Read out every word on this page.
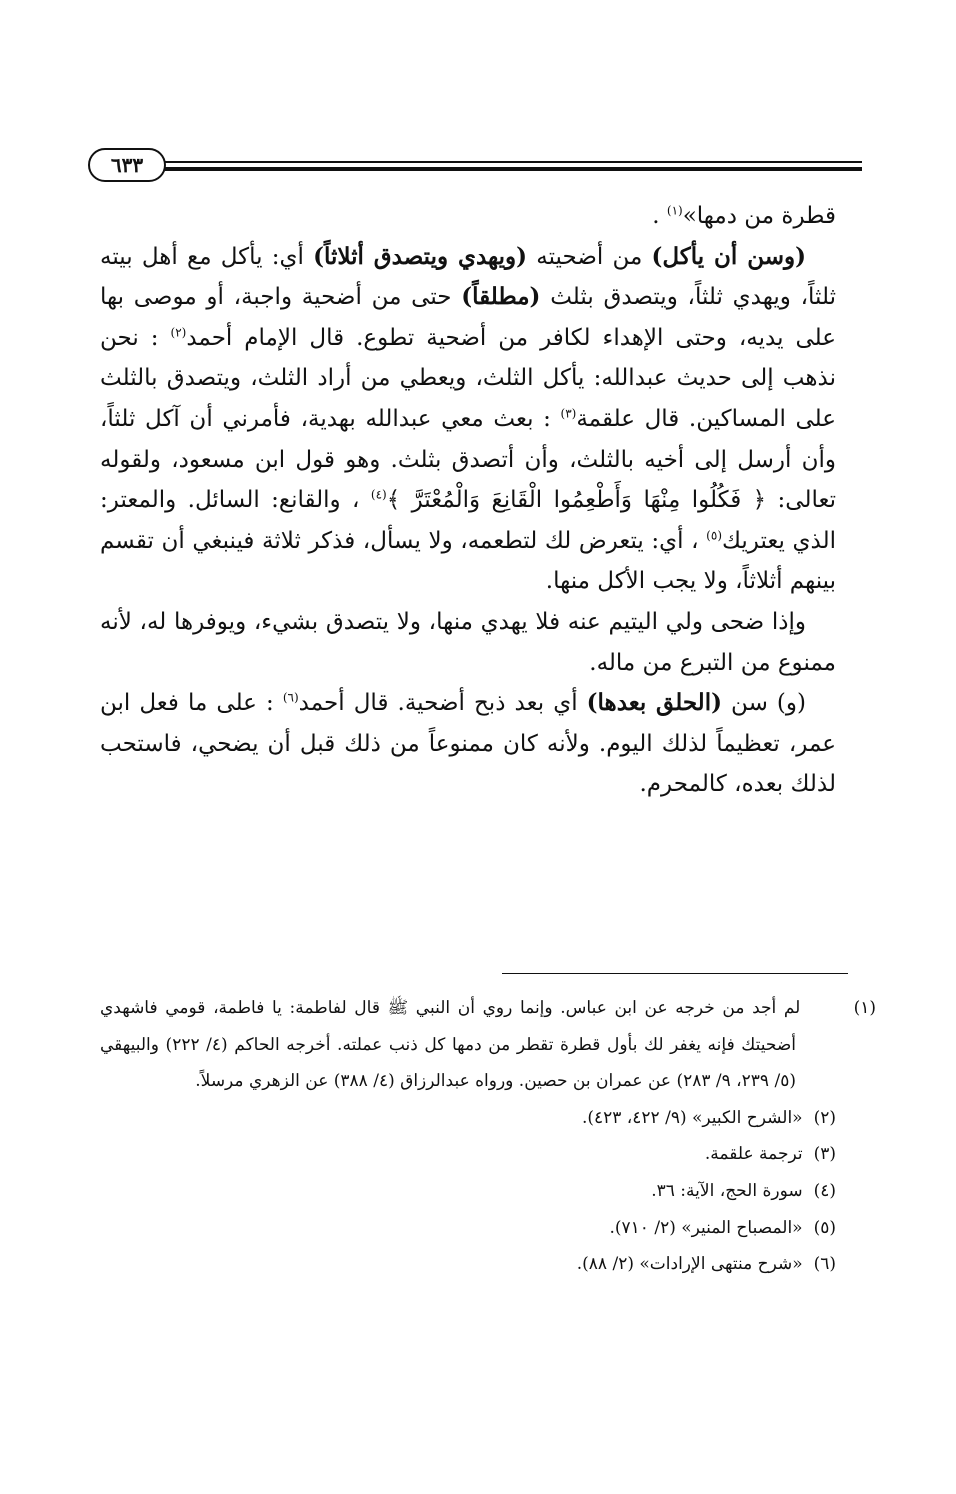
٦٣٣

قطرة من دمها»$^{(١)}$ .

(وسن أن يأكل) من أضحيته (ويهدي ويتصدق أثلاثاً) أي: يأكل مع أهل بيته ثلثاً، ويهدي ثلثاً، ويتصدق بثلث (مطلقاً) حتى من أضحية واجبة، أو موصى بها على يديه، وحتى الإهداء لكافر من أضحية تطوع. قال الإمام أحمد$^{(٢)}$ : نحن نذهب إلى حديث عبدالله: يأكل الثلث، ويعطي من أراد الثلث، ويتصدق بالثلث على المساكين. قال علقمة$^{(٣)}$ : بعث معي عبدالله بهدية، فأمرني أن آكل ثلثاً، وأن أرسل إلى أخيه بالثلث، وأن أتصدق بثلث. وهو قول ابن مسعود، ولقوله تعالى: ﴿ فَكُلُوا مِنْهَا وَأَطْعِمُوا الْقَانِعَ وَالْمُعْتَرَّ ﴾$^{(٤)}$ ، والقانع: السائل. والمعتر: الذي يعتريك$^{(٥)}$ ، أي: يتعرض لك لتطعمه، ولا يسأل، فذكر ثلاثة فينبغي أن تقسم بينهم أثلاثاً، ولا يجب الأكل منها.

وإذا ضحى ولي اليتيم عنه فلا يهدي منها، ولا يتصدق بشيء، ويوفرها له، لأنه ممنوع من التبرع من ماله.

(و) سن (الحلق بعدها) أي بعد ذبح أضحية. قال أحمد$^{(٦)}$ : على ما فعل ابن عمر، تعظيماً لذلك اليوم. ولأنه كان ممنوعاً من ذلك قبل أن يضحي، فاستحب لذلك بعده، كالمحرم.

(١) لم أجد من خرجه عن ابن عباس. وإنما روي أن النبي ﷺ قال لفاطمة: يا فاطمة، قومي فاشهدي أضحيتك فإنه يغفر لك بأول قطرة تقطر من دمها كل ذنب عملته. أخرجه الحاكم (٤/ ٢٢٢) والبيهقي (٥/ ٢٣٩، ٩/ ٢٨٣) عن عمران بن حصين. ورواه عبدالرزاق (٤/ ٣٨٨) عن الزهري مرسلاً.

(٢) «الشرح الكبير» (٩/ ٤٢٢، ٤٢٣).

(٣) ترجمة علقمة.

(٤) سورة الحج، الآية: ٣٦.

(٥) «المصباح المنير» (٢/ ٧١٠).

(٦) «شرح منتهى الإرادات» (٢/ ٨٨).
